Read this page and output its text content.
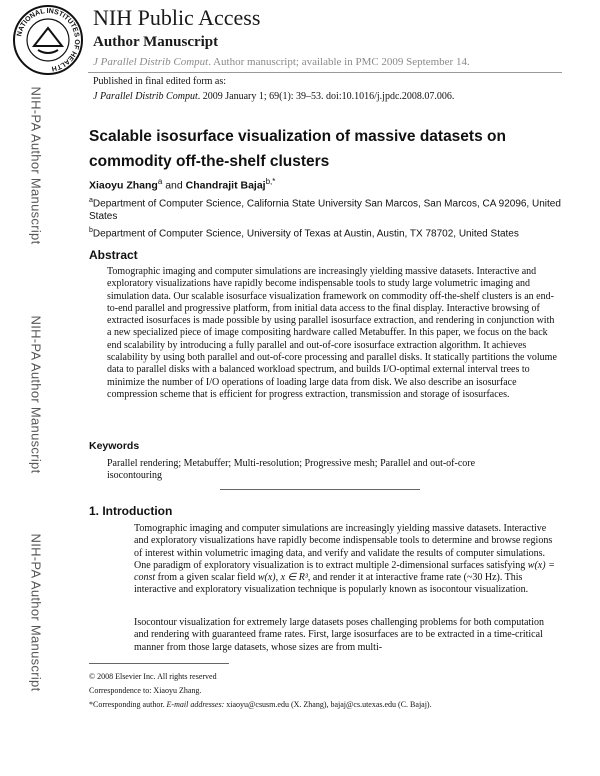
NATIONAL INSTITUTES OF HEALTH
NIH Public Access
Author Manuscript
J Parallel Distrib Comput. Author manuscript; available in PMC 2009 September 14.
Published in final edited form as:
J Parallel Distrib Comput. 2009 January 1; 69(1): 39–53. doi:10.1016/j.jpdc.2008.07.006.
NIH-PA Author Manuscript
NIH-PA Author Manuscript
NIH-PA Author Manuscript
Scalable isosurface visualization of massive datasets on commodity off-the-shelf clusters
Xiaoyu Zhang$^a$ and Chandrajit Bajaj$^{b,*}$
$^a$Department of Computer Science, California State University San Marcos, San Marcos, CA 92096, United States
$^b$Department of Computer Science, University of Texas at Austin, Austin, TX 78702, United States
Abstract
Tomographic imaging and computer simulations are increasingly yielding massive datasets. Interactive and exploratory visualizations have rapidly become indispensable tools to study large volumetric imaging and simulation data. Our scalable isosurface visualization framework on commodity off-the-shelf clusters is an end-to-end parallel and progressive platform, from initial data access to the final display. Interactive browsing of extracted isosurfaces is made possible by using parallel isosurface extraction, and rendering in conjunction with a new specialized piece of image compositing hardware called Metabuffer. In this paper, we focus on the back end scalability by introducing a fully parallel and out-of-core isosurface extraction algorithm. It achieves scalability by using both parallel and out-of-core processing and parallel disks. It statically partitions the volume data to parallel disks with a balanced workload spectrum, and builds I/O-optimal external interval trees to minimize the number of I/O operations of loading large data from disk. We also describe an isosurface compression scheme that is efficient for progress extraction, transmission and storage of isosurfaces.
Keywords
Parallel rendering; Metabuffer; Multi-resolution; Progressive mesh; Parallel and out-of-core isocontouring
1. Introduction
Tomographic imaging and computer simulations are increasingly yielding massive datasets. Interactive and exploratory visualizations have rapidly become indispensable tools to determine and browse regions of interest within volumetric imaging data, and verify and validate the results of computer simulations. One paradigm of exploratory visualization is to extract multiple 2-dimensional surfaces satisfying w(x) = const from a given scalar field w(x), x ∈ R³, and render it at interactive frame rate (~30 Hz). This interactive and exploratory visualization technique is popularly known as isocontour visualization.
Isocontour visualization for extremely large datasets poses challenging problems for both computation and rendering with guaranteed frame rates. First, large isosurfaces are to be extracted in a time-critical manner from those large datasets, whose sizes are from multi-
© 2008 Elsevier Inc. All rights reserved
Correspondence to: Xiaoyu Zhang.
*Corresponding author. E-mail addresses: xiaoyu@csusm.edu (X. Zhang), bajaj@cs.utexas.edu (C. Bajaj).
